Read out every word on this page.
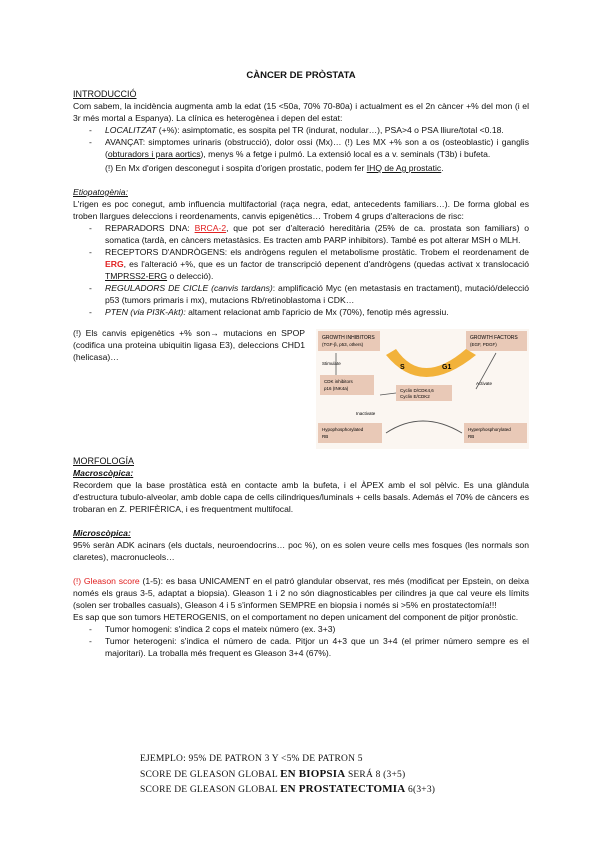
CÀNCER DE PRÒSTATA
INTRODUCCIÓ

Com sabem, la incidència augmenta amb la edat (15 <50a, 70% 70-80a) i actualment es el 2n càncer +% del mon (i el 3r més mortal a Espanya). La clínica es heterogènea i depen del estat:

- LOCALITZAT (+%): asimptomatic, es sospita pel TR (indurat, nodular…), PSA>4 o PSA lliure/total <0.18.
- AVANÇAT: simptomes urinaris (obstrucció), dolor ossi (Mx)… (!) Les MX +% son a os (osteoblastic) i ganglis (obturadors i para aortics), menys % a fetge i pulmó. La extensió local es a v. seminals (T3b) i bufeta.
(!) En Mx d'origen desconegut i sospita d'origen prostatic, podem fer IHQ de Ag prostatic.
Etiopatogènia:

L'rigen es poc conegut, amb influencia multifactorial (raça negra, edat, antecedents familiars…). De forma global es troben llargues deleccions i reordenaments, canvis epigenètics… Trobem 4 grups d'alteracions de risc:

- REPARADORS DNA: BRCA-2, que pot ser d'alteració hereditària (25% de ca. prostata son familiars) o somatica (tardà, en càncers metastàsics. Es tracten amb PARP inhibitors). També es pot alterar MSH o MLH.
- RECEPTORS D'ANDRÒGENS: els andrògens regulen el metabolisme prostàtic. Trobem el reordenament de ERG, es l'alteració +%, que es un factor de transcripció depenent d'andrògens (quedas activat x translocació TMPRSS2-ERG o delecció).
- REGULADORS DE CICLE (canvis tardans): amplificació Myc (en metastasis en tractament), mutació/delecció p53 (tumors primaris i mx), mutacions Rb/retinoblastoma i CDK…
- PTEN (via PI3K-Akt): altament relacionat amb l'apricio de Mx (70%), fenotip més agressiu.

(!) Els canvis epigenètics +% son→ mutacions en SPOP (codifica una proteina ubiquitin ligasa E3), deleccions CHD1 (helicasa)…

GROWTH INHIBITORS
(TGF-β, p53, others)
GROWTH FACTORS
(EGF, PDGF)
Stimulate
CDK inhibitors
p16 (INK4a)
S	G1
Cyclin D/CDK4,6
Cyclin E/CDK2
Inactivate
Activate
Hypophosphorylated
RB
Hyperphosphorylated
RB
MORFOLOGÍA
Macroscòpica:

Recordem que la base prostàtica està en contacte amb la bufeta, i el ÀPEX amb el sol pèlvic. Es una glàndula d'estructura tubulo-alveolar, amb doble capa de cells cilindriques/luminals + cells basals. Además el 70% de càncers es trobaran en Z. PERIFÈRICA, i es frequentment multifocal.

Microscòpica:

95% seràn ADK acinars (els ductals, neuroendocrins… poc %), on es solen veure cells mes fosques (les normals son claretes), macronucleols…

(!) Gleason score (1-5): es basa UNICAMENT en el patró glandular observat, res més (modificat per Epstein, on deixa només els graus 3-5, adaptat a biopsia). Gleason 1 i 2 no són diagnosticables per cilindres ja que cal veure els límits (solen ser troballes casuals), Gleason 4 i 5 s'informen SEMPRE en biopsia i només si >5% en prostatectomía!!!

Es sap que son tumors HETEROGENIS, on el comportament no depen unicament del component de pitjor pronòstic.

- Tumor homogeni: s'indica 2 cops el mateix número (ex. 3+3)
- Tumor heterogeni: s'indica el número de cada. Pitjor un 4+3 que un 3+4 (el primer número sempre es el majoritari). La troballa més frequent es Gleason 3+4 (67%).
EJEMPLO: 95% DE PATRON 3 Y <5% DE PATRON 5
SCORE DE GLEASON GLOBAL EN BIOPSIA SERÁ 8 (3+5)
SCORE DE GLEASON GLOBAL EN PROSTATECTOMIA 6(3+3)
